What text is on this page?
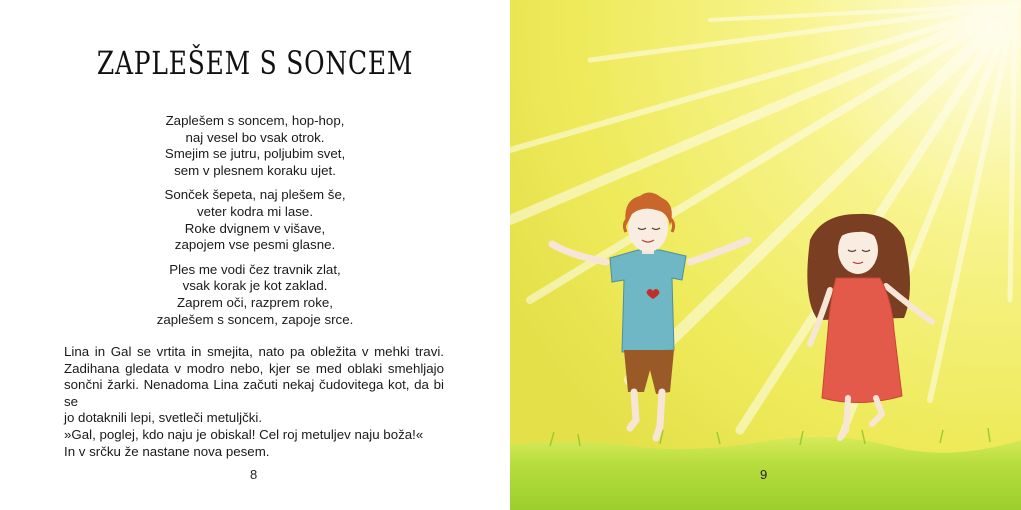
ZAPLEŠEM S SONCEM
Zaplešem s soncem, hop-hop,
naj vesel bo vsak otrok.
Smejim se jutru, poljubim svet,
sem v plesnem koraku ujet.
Sonček šepeta, naj plešem še,
veter kodra mi lase.
Roke dvignem v višave,
zapojem vse pesmi glasne.
Ples me vodi čez travnik zlat,
vsak korak je kot zaklad.
Zaprem oči, razprem roke,
zaplešem s soncem, zapoje srce.
Lina in Gal se vrtita in smejita, nato pa obležita v mehki travi.
Zadihana gledata v modro nebo, kjer se med oblaki smehljajo
sončni žarki. Nenadoma Lina začuti nekaj čudovitega kot, da bi se
jo dotaknili lepi, svetleči metuljčki.
»Gal, poglej, kdo naju je obiskal! Cel roj metuljev naju boža!«
In v srčku že nastane nova pesem.
8	9
